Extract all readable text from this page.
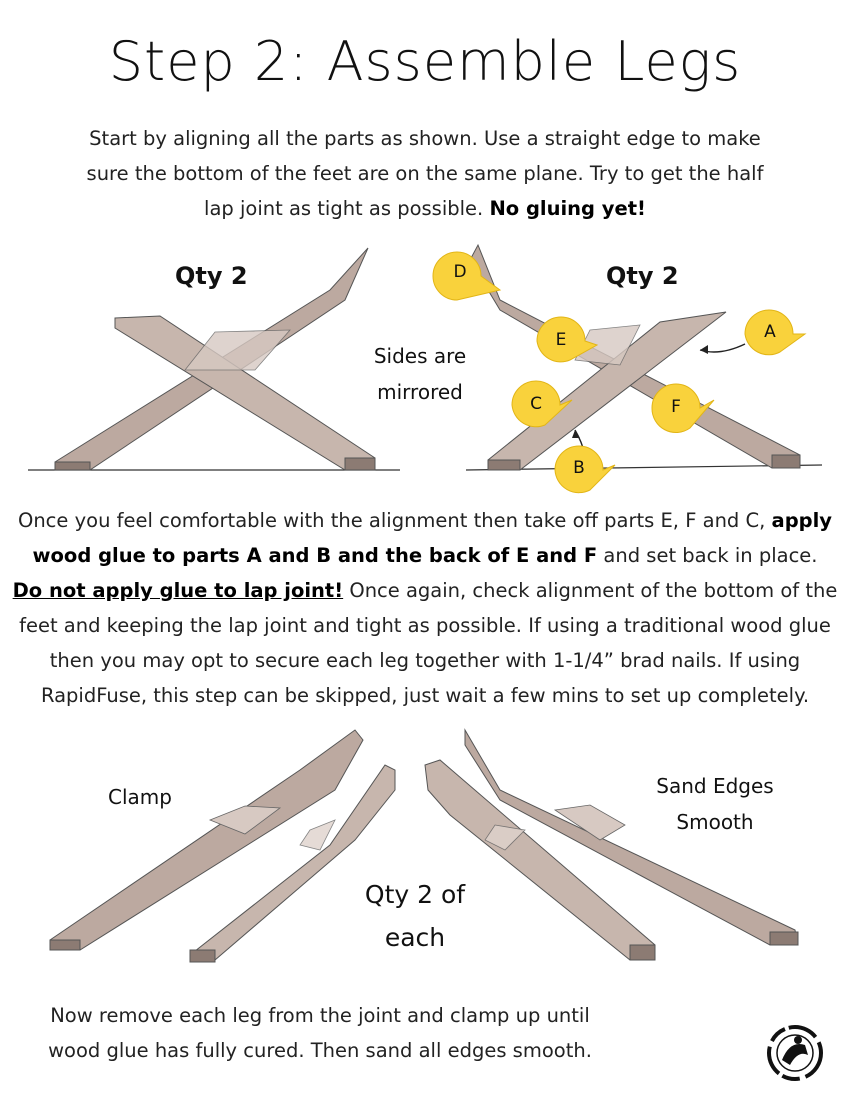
Step 2: Assemble Legs
Start by aligning all the parts as shown. Use a straight edge to make
sure the bottom of the feet are on the same plane. Try to get the half
lap joint as tight as possible. No gluing yet!
D
A
E
C	F
B
Qty 2	Qty 2
Sides are
mirrored
Once you feel comfortable with the alignment then take off parts E, F and C, apply
wood glue to parts A and B and the back of E and F and set back in place.
Do not apply glue to lap joint! Once again, check alignment of the bottom of the
feet and keeping the lap joint and tight as possible. If using a traditional wood glue
then you may opt to secure each leg together with 1-1/4” brad nails. If using
RapidFuse, this step can be skipped, just wait a few mins to set up completely.
Clamp	Sand Edges
Smooth
Qty 2 of
each
Now remove each leg from the joint and clamp up until
wood glue has fully cured. Then sand all edges smooth.
